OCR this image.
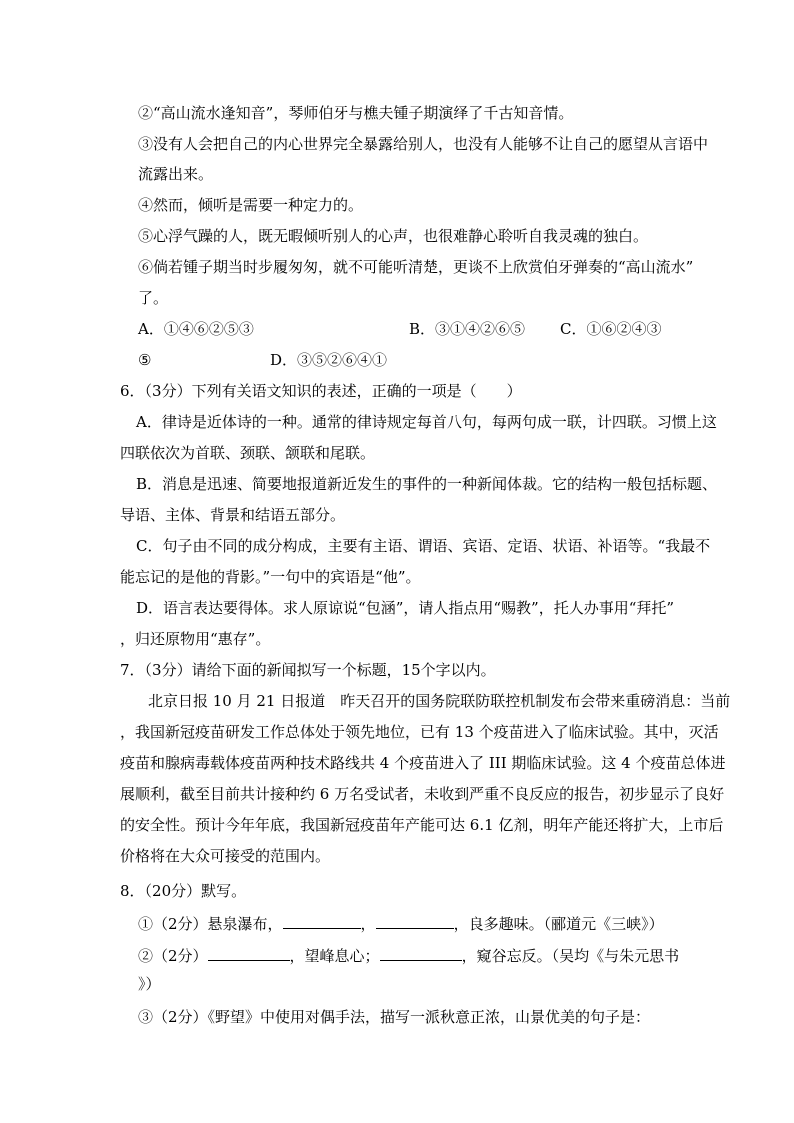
②“高山流水逢知音”，琴师伯牙与樵夫锺子期演绎了千古知音情。
③没有人会把自己的内心世界完全暴露给别人，也没有人能够不让自己的愿望从言语中
流露出来。
④然而，倾听是需要一种定力的。
⑤心浮气躁的人，既无暇倾听别人的心声，也很难静心聆听自我灵魂的独白。
⑥倘若锺子期当时步履匆匆，就不可能听清楚，更谈不上欣赏伯牙弹奏的“高山流水”
了。
A．①④⑥②⑤③	B．③①④②⑥⑤ C．①⑥②④③
⑤	D．③⑤②⑥④①
6．（3分）下列有关语文知识的表述，正确的一项是（　　）
A．律诗是近体诗的一种。通常的律诗规定每首八句，每两句成一联，计四联。习惯上这
四联依次为首联、颈联、颔联和尾联。
B．消息是迅速、简要地报道新近发生的事件的一种新闻体裁。它的结构一般包括标题、
导语、主体、背景和结语五部分。
C．句子由不同的成分构成，主要有主语、谓语、宾语、定语、状语、补语等。“我最不
能忘记的是他的背影。”一句中的宾语是“他”。
D．语言表达要得体。求人原谅说“包涵”，请人指点用“赐教”，托人办事用“拜托”
，归还原物用“惠存”。
7．（3分）请给下面的新闻拟写一个标题，15个字以内。
北京日报 10 月 21 日报道　昨天召开的国务院联防联控机制发布会带来重磅消息：当前
，我国新冠疫苗研发工作总体处于领先地位，已有 13 个疫苗进入了临床试验。其中，灭活
疫苗和腺病毒载体疫苗两种技术路线共 4 个疫苗进入了 III 期临床试验。这 4 个疫苗总体进
展顺利，截至目前共计接种约 6 万名受试者，未收到严重不良反应的报告，初步显示了良好
的安全性。预计今年年底，我国新冠疫苗年产能可达 6.1 亿剂，明年产能还将扩大，上市后
价格将在大众可接受的范围内。
8．（20分）默写。
①（2分）悬泉瀑布，	，	，良多趣味。（郦道元《三峡》）
②（2分）	，望峰息心；	，窥谷忘反。（吴均《与朱元思书
》）
③（2分）《野望》中使用对偶手法，描写一派秋意正浓，山景优美的句子是：
